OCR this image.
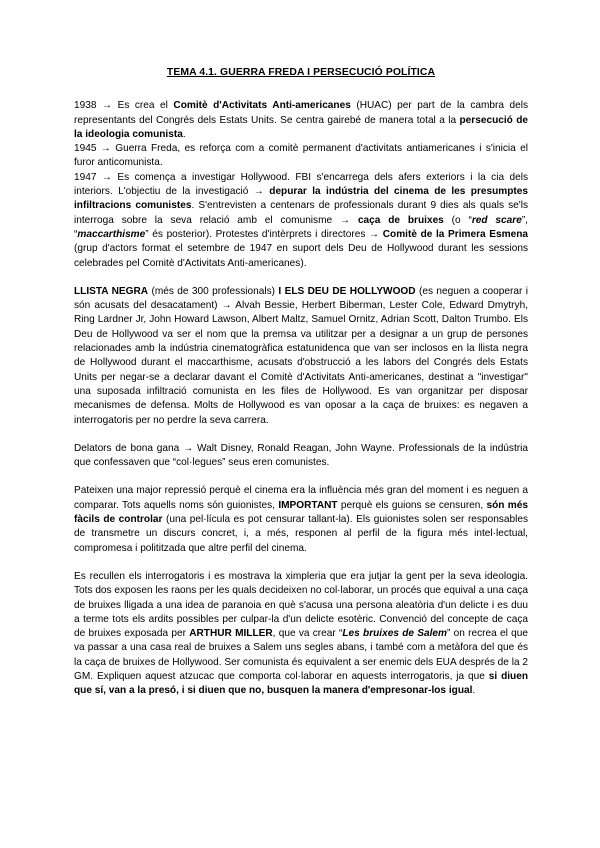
TEMA 4.1. GUERRA FREDA I PERSECUCIÓ POLÍTICA

1938 → Es crea el Comitè d'Activitats Anti-americanes (HUAC) per part de la cambra dels representants del Congrés dels Estats Units. Se centra gairebé de manera total a la persecució de la ideologia comunista.

1945 → Guerra Freda, es reforça com a comitè permanent d'activitats antiamericanes i s'inicia el furor anticomunista.

1947 → Es comença a investigar Hollywood. FBI s'encarrega dels afers exteriors i la cia dels interiors. L'objectiu de la investigació → depurar la indústria del cinema de les presumptes infiltracions comunistes. S'entrevisten a centenars de professionals durant 9 dies als quals se'ls interroga sobre la seva relació amb el comunisme → caça de bruixes (o “red scare”, “maccarthisme” és posterior). Protestes d'intèrprets i directores → Comitè de la Primera Esmena (grup d'actors format el setembre de 1947 en suport dels Deu de Hollywood durant les sessions celebrades pel Comitè d'Activitats Anti-americanes).

LLISTA NEGRA (més de 300 professionals) I ELS DEU DE HOLLYWOOD (es neguen a cooperar i són acusats del desacatament) → Alvah Bessie, Herbert Biberman, Lester Cole, Edward Dmytryh, Ring Lardner Jr, John Howard Lawson, Albert Maltz, Samuel Ornitz, Adrian Scott, Dalton Trumbo. Els Deu de Hollywood va ser el nom que la premsa va utilitzar per a designar a un grup de persones relacionades amb la indústria cinematogràfica estatunidenca que van ser inclosos en la llista negra de Hollywood durant el maccarthisme, acusats d'obstrucció a les labors del Congrés dels Estats Units per negar-se a declarar davant el Comitè d'Activitats Anti-americanes, destinat a "investigar" una suposada infiltració comunista en les files de Hollywood. Es van organitzar per disposar mecanismes de defensa. Molts de Hollywood es van oposar a la caça de bruixes: es negaven a interrogatoris per no perdre la seva carrera.

Delators de bona gana → Walt Disney, Ronald Reagan, John Wayne. Professionals de la indústria que confessaven que “col·legues” seus eren comunistes.

Pateixen una major repressió perquè el cinema era la influència més gran del moment i es neguen a comparar. Tots aquells noms són guionistes, IMPORTANT perquè els guions se censuren, són més fàcils de controlar (una pel·lícula es pot censurar tallant-la). Els guionistes solen ser responsables de transmetre un discurs concret, i, a més, responen al perfil de la figura més intel·lectual, compromesa i polititzada que altre perfil del cinema.

Es recullen els interrogatoris i es mostrava la ximpleria que era jutjar la gent per la seva ideologia. Tots dos exposen les raons per les quals decideixen no col·laborar, un procés que equival a una caça de bruixes lligada a una idea de paranoia en què s'acusa una persona aleatòria d'un delicte i es duu a terme tots els ardits possibles per culpar-la d'un delicte esotèric. Convenció del concepte de caça de bruixes exposada per ARTHUR MILLER, que va crear “Les bruixes de Salem” on recrea el que va passar a una casa real de bruixes a Salem uns segles abans, i també com a metàfora del que és la caça de bruixes de Hollywood. Ser comunista és equivalent a ser enemic dels EUA després de la 2 GM. Expliquen aquest atzucac que comporta col·laborar en aquests interrogatoris, ja que si diuen que sí, van a la presó, i si diuen que no, busquen la manera d'empresonar-los igual.
